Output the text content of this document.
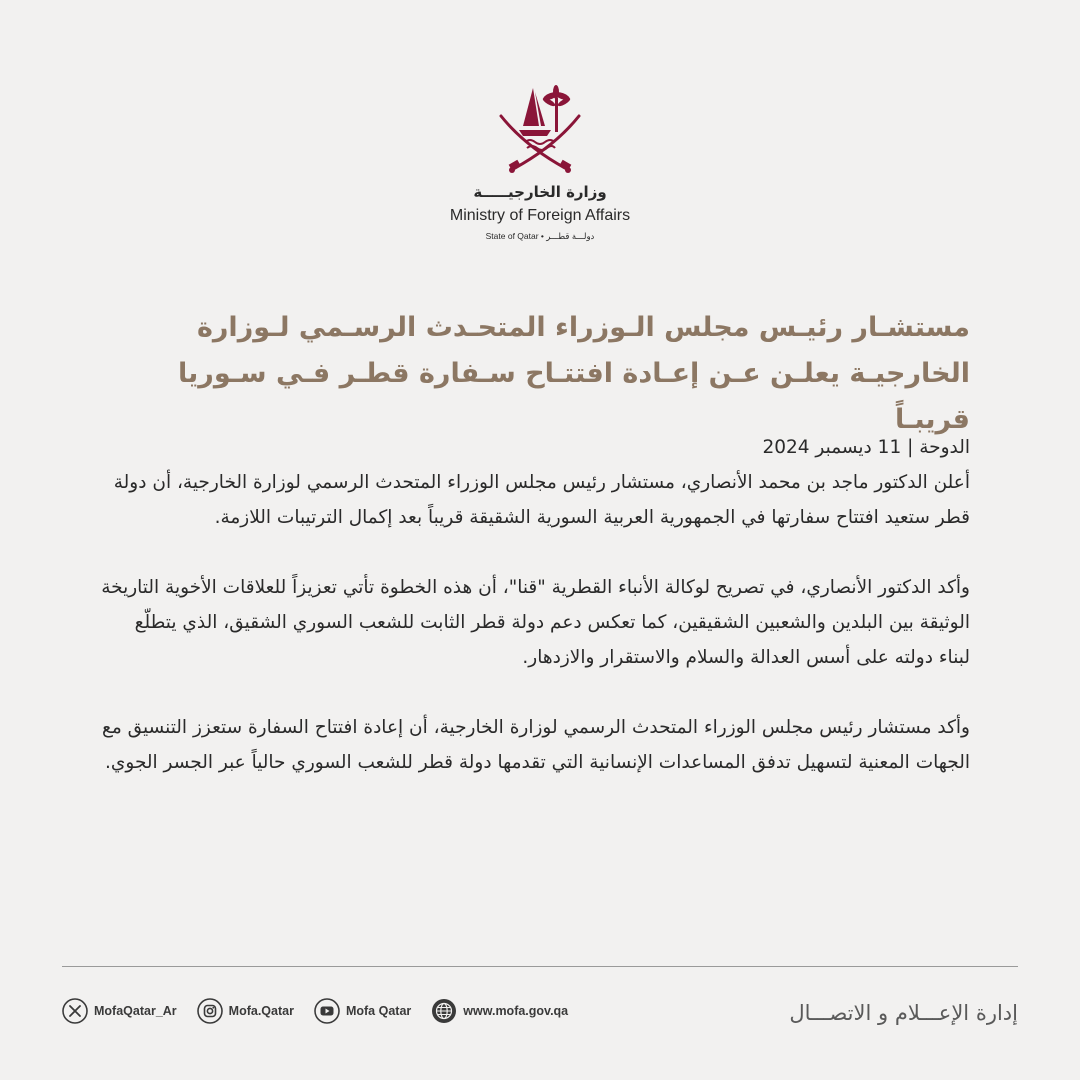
وزارة الخارجيـــــة
Ministry of Foreign Affairs
State of Qatar • دولـــة قطـــر
مستشـار رئيـس مجلس الـوزراء المتحـدث الرسـمي لـوزارة
الخارجيـة يعلـن عـن إعـادة افتتـاح سـفارة قطـر فـي سـوريا قريبـاً

الدوحة | 11 ديسمبر 2024

أعلن الدكتور ماجد بن محمد الأنصاري، مستشار رئيس مجلس الوزراء المتحدث الرسمي لوزارة الخارجية، أن دولة قطر ستعيد افتتاح سفارتها في الجمهورية العربية السورية الشقيقة قريباً بعد إكمال الترتيبات اللازمة.

وأكد الدكتور الأنصاري، في تصريح لوكالة الأنباء القطرية "قنا"، أن هذه الخطوة تأتي تعزيزاً للعلاقات الأخوية التاريخة الوثيقة بين البلدين والشعبين الشقيقين، كما تعكس دعم دولة قطر الثابت للشعب السوري الشقيق، الذي يتطلّع لبناء دولته على أسس العدالة والسلام والاستقرار والازدهار.

وأكد مستشار رئيس مجلس الوزراء المتحدث الرسمي لوزارة الخارجية، أن إعادة افتتاح السفارة ستعزز التنسيق مع الجهات المعنية لتسهيل تدفق المساعدات الإنسانية التي تقدمها دولة قطر للشعب السوري حالياً عبر الجسر الجوي.

MofaQatar_Ar	Mofa.Qatar	Mofa Qatar	www.mofa.gov.qa	إدارة الإعـــلام و الاتصـــال
